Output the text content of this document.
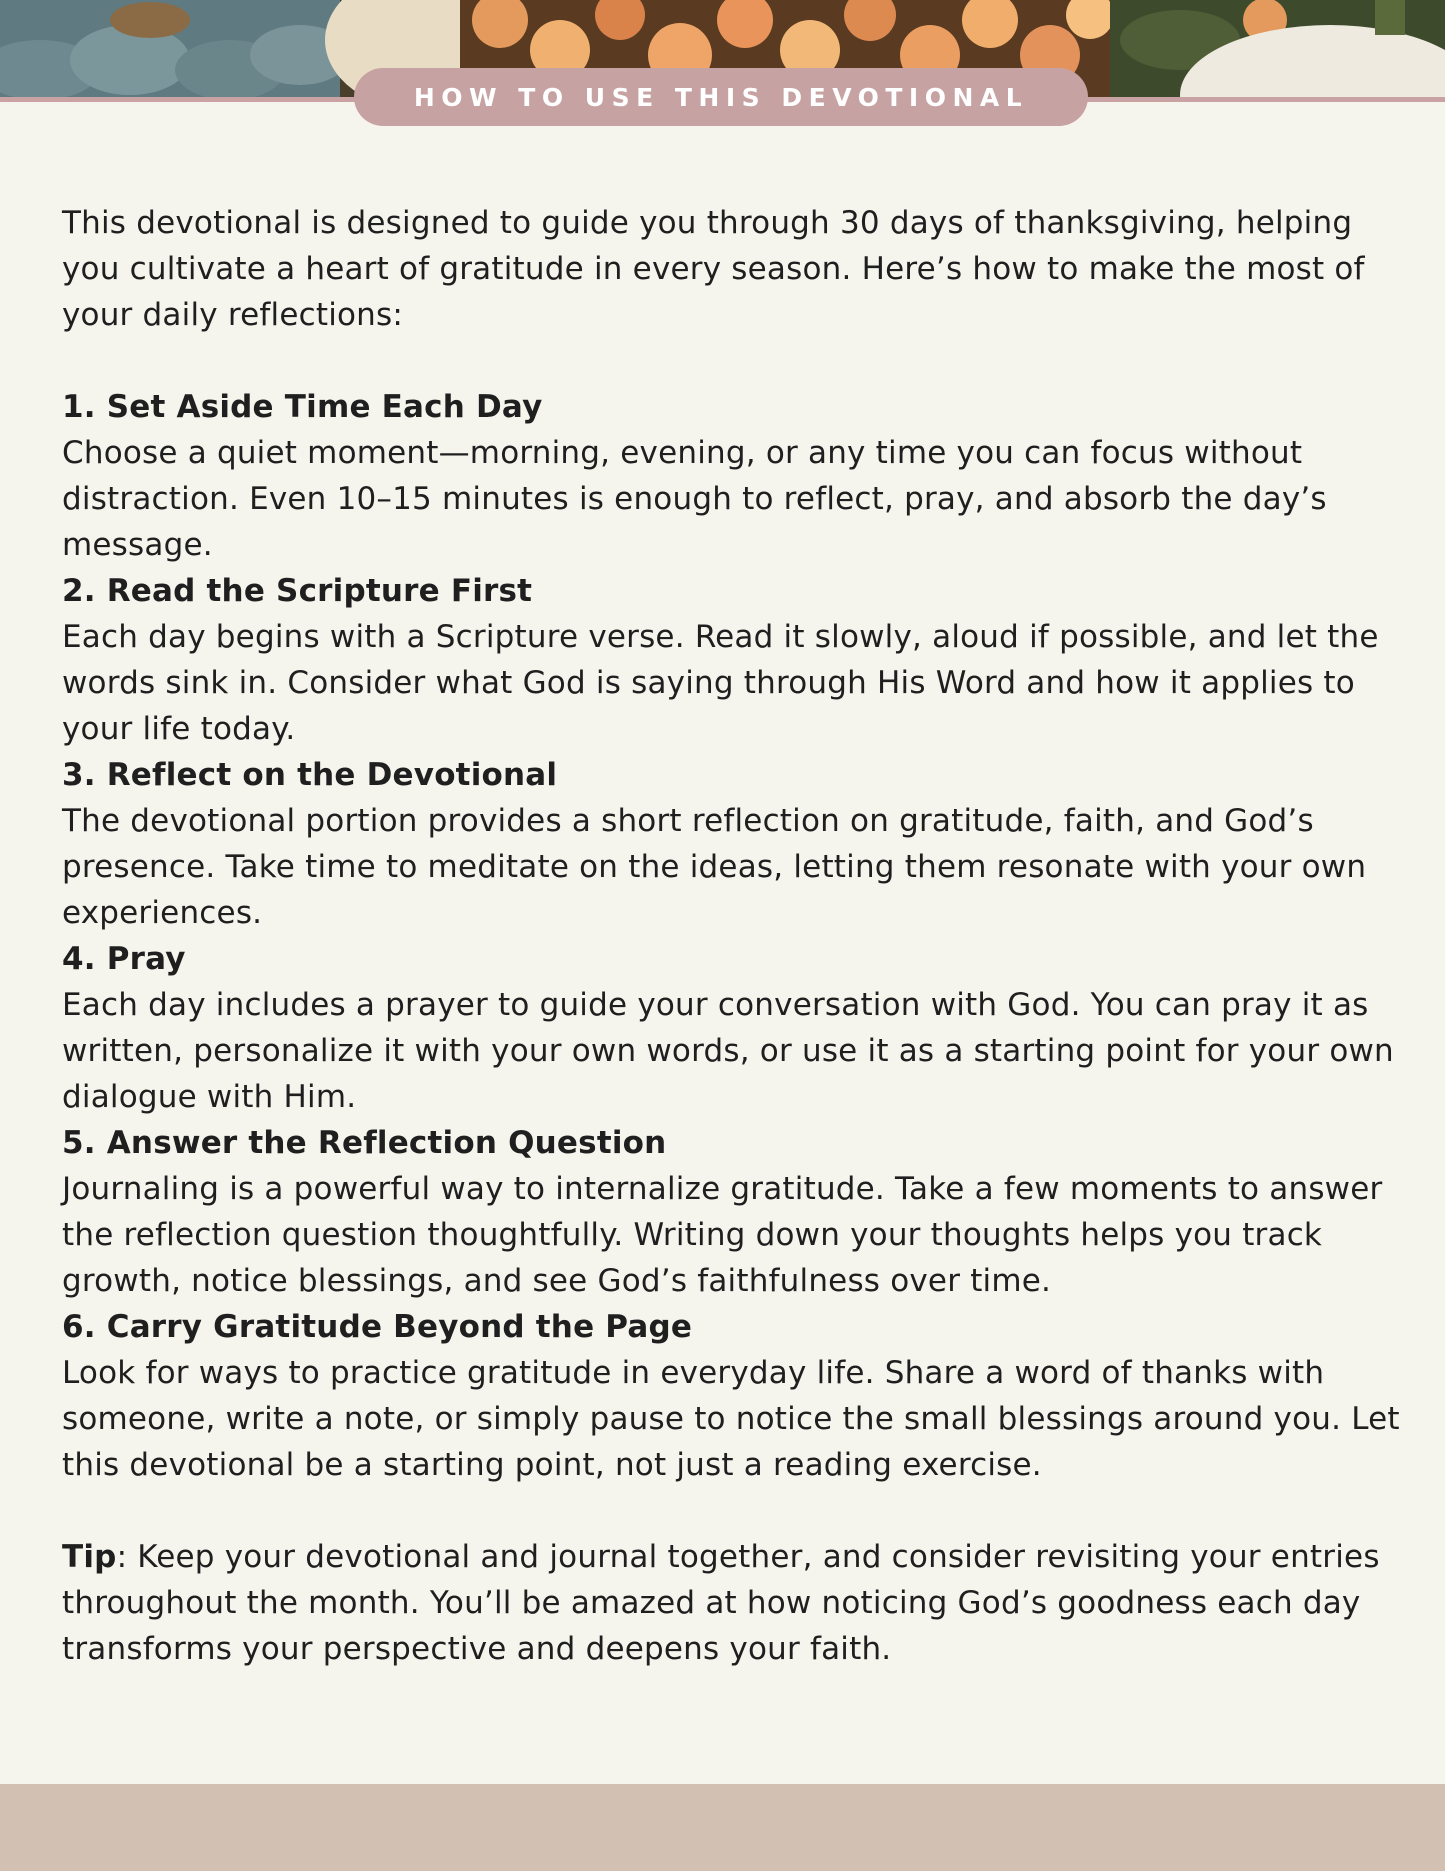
HOW TO USE THIS DEVOTIONAL

This devotional is designed to guide you through 30 days of thanksgiving, helping you cultivate a heart of gratitude in every season. Here’s how to make the most of your daily reflections:

1. Set Aside Time Each Day

Choose a quiet moment—morning, evening, or any time you can focus without distraction. Even 10–15 minutes is enough to reflect, pray, and absorb the day’s message.

2. Read the Scripture First

Each day begins with a Scripture verse. Read it slowly, aloud if possible, and let the words sink in. Consider what God is saying through His Word and how it applies to your life today.

3. Reflect on the Devotional

The devotional portion provides a short reflection on gratitude, faith, and God’s presence. Take time to meditate on the ideas, letting them resonate with your own experiences.

4. Pray

Each day includes a prayer to guide your conversation with God. You can pray it as written, personalize it with your own words, or use it as a starting point for your own dialogue with Him.

5. Answer the Reflection Question

Journaling is a powerful way to internalize gratitude. Take a few moments to answer the reflection question thoughtfully. Writing down your thoughts helps you track growth, notice blessings, and see God’s faithfulness over time.

6. Carry Gratitude Beyond the Page

Look for ways to practice gratitude in everyday life. Share a word of thanks with someone, write a note, or simply pause to notice the small blessings around you. Let this devotional be a starting point, not just a reading exercise.

Tip: Keep your devotional and journal together, and consider revisiting your entries throughout the month. You’ll be amazed at how noticing God’s goodness each day transforms your perspective and deepens your faith.
